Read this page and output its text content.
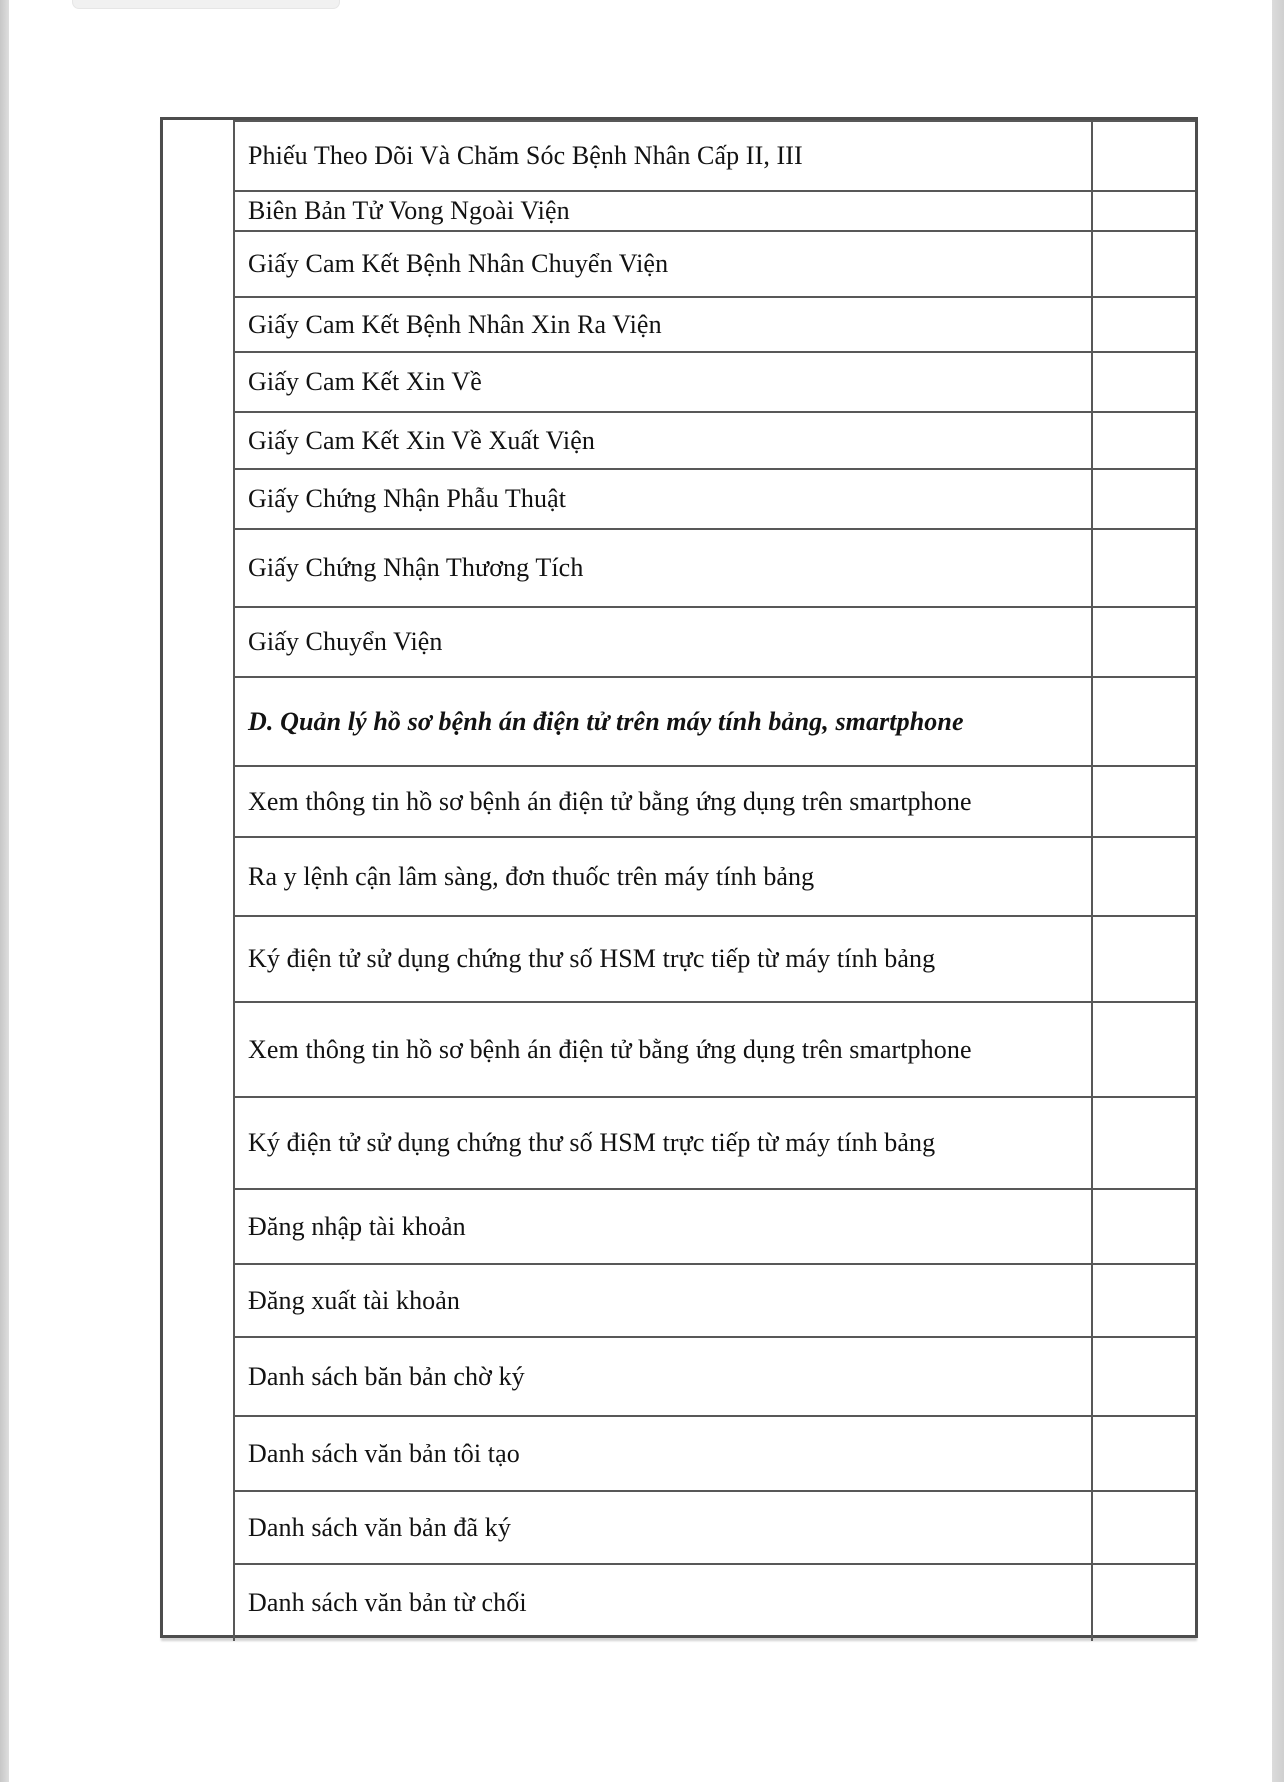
Phiếu Theo Dõi Và Chăm Sóc Bệnh Nhân Cấp II, III
Biên Bản Tử Vong Ngoài Viện
Giấy Cam Kết Bệnh Nhân Chuyển Viện
Giấy Cam Kết Bệnh Nhân Xin Ra Viện
Giấy Cam Kết Xin Về
Giấy Cam Kết Xin Về Xuất Viện
Giấy Chứng Nhận Phẫu Thuật
Giấy Chứng Nhận Thương Tích
Giấy Chuyển Viện
D. Quản lý hồ sơ bệnh án điện tử trên máy tính bảng, smartphone
Xem thông tin hồ sơ bệnh án điện tử bằng ứng dụng trên smartphone
Ra y lệnh cận lâm sàng, đơn thuốc trên máy tính bảng
Ký điện tử sử dụng chứng thư số HSM trực tiếp từ máy tính bảng
Xem thông tin hồ sơ bệnh án điện tử bằng ứng dụng trên smartphone
Ký điện tử sử dụng chứng thư số HSM trực tiếp từ máy tính bảng
Đăng nhập tài khoản
Đăng xuất tài khoản
Danh sách băn bản chờ ký
Danh sách văn bản tôi tạo
Danh sách văn bản đã ký
Danh sách văn bản từ chối
